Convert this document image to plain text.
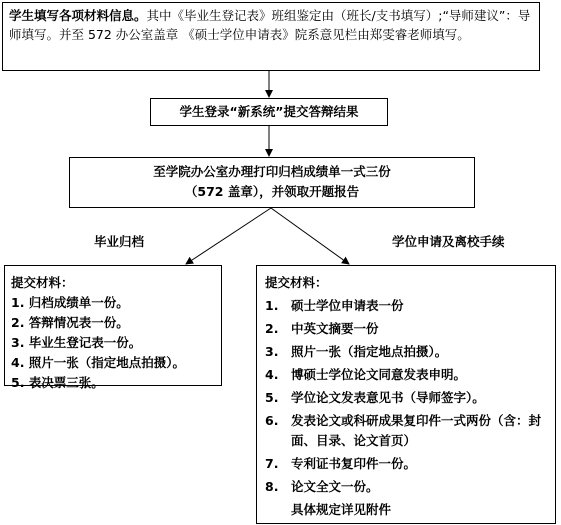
学生填写各项材料信息。其中《毕业生登记表》班组鉴定由（班长/支书填写）;“导师建议”：导师填写。并至 572 办公室盖章 《硕士学位申请表》院系意见栏由郑雯睿老师填写。
学生登录“新系统”提交答辩结果
至学院办公室办理打印归档成绩单一式三份
（572 盖章），并领取开题报告
毕业归档	学位申请及离校手续
提交材料：
1. 归档成绩单一份。
2. 答辩情况表一份。
3. 毕业生登记表一份。
4. 照片一张（指定地点拍摄）。
5. 表决票三张。
提交材料：
1.	硕士学位申请表一份
2.	中英文摘要一份
3.	照片一张（指定地点拍摄）。
4.	博硕士学位论文同意发表申明。
5.	学位论文发表意见书（导师签字）。
6.	发表论文或科研成果复印件一式两份（含：封面、目录、论文首页）
7.	专利证书复印件一份。
8.	论文全文一份。
具体规定详见附件
